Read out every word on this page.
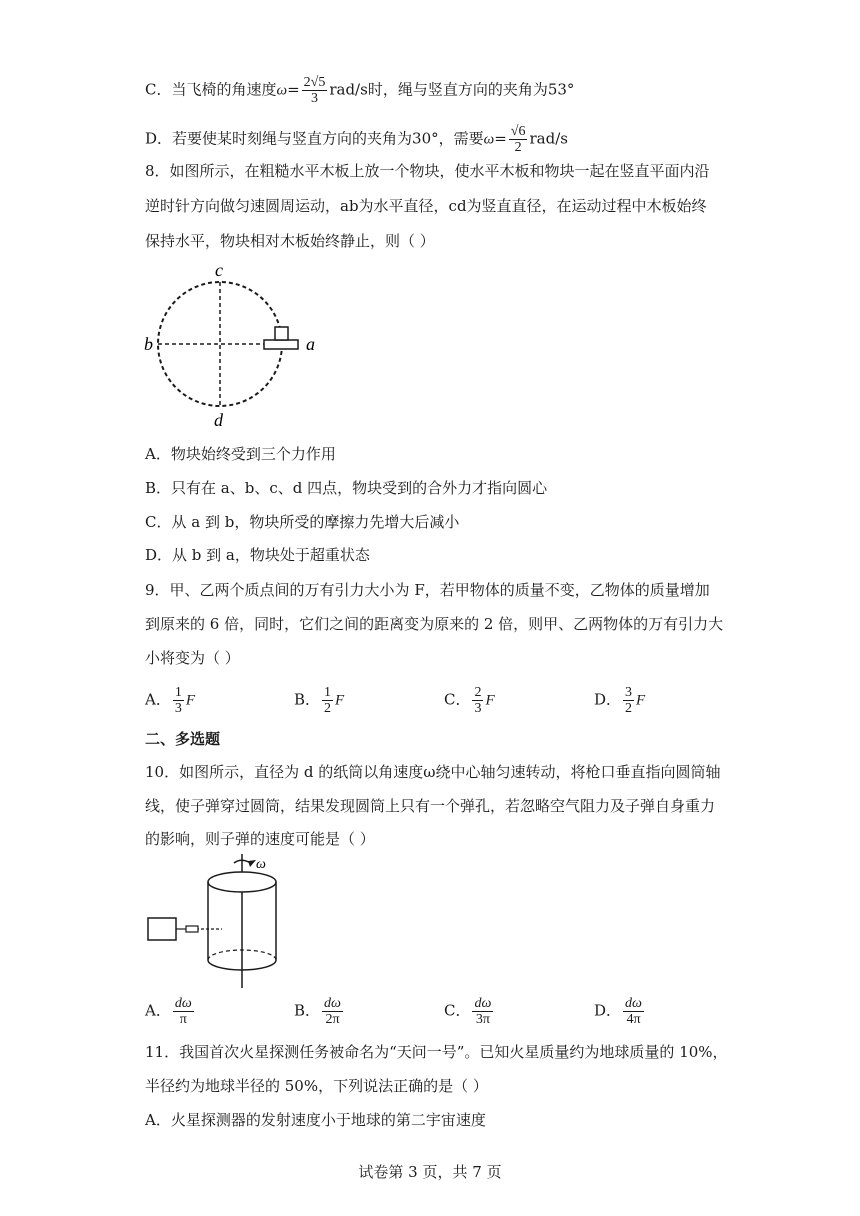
C．当飞椅的角速度$\omega= \frac{2√5}{3} rad/s$时，绳与竖直方向的夹角为53°
D．若要使某时刻绳与竖直方向的夹角为30°，需要$\omega= \frac{√6}{2} rad/s$
8．如图所示，在粗糙水平木板上放一个物块，使水平木板和物块一起在竖直平面内沿
逆时针方向做匀速圆周运动，ab为水平直径，cd为竖直直径，在运动过程中木板始终
保持水平，物块相对木板始终静止，则（ ）
c
b	a
d
A．物块始终受到三个力作用
B．只有在 a、b、c、d 四点，物块受到的合外力才指向圆心
C．从 a 到 b，物块所受的摩擦力先增大后减小
D．从 b 到 a，物块处于超重状态
9．甲、乙两个质点间的万有引力大小为 F，若甲物体的质量不变，乙物体的质量增加
到原来的 6 倍，同时，它们之间的距离变为原来的 2 倍，则甲、乙两物体的万有引力大
小将变为（ ）
A． $\frac{1}{3}$ F	B． $\frac{1}{2}$ F	C． $\frac{2}{3}$ F	D． $\frac{3}{2}$ F
二、多选题
10．如图所示，直径为 d 的纸筒以角速度ω绕中心轴匀速转动，将枪口垂直指向圆筒轴
线，使子弹穿过圆筒，结果发现圆筒上只有一个弹孔，若忽略空气阻力及子弹自身重力
的影响，则子弹的速度可能是（ ）
ω
A． $\frac{d\omega}{\pi}$	B． $\frac{d\omega}{2\pi}$	C． $\frac{d\omega}{3\pi}$	D． $\frac{d\omega}{4\pi}$
11．我国首次火星探测任务被命名为“天问一号”。已知火星质量约为地球质量的 10%，
半径约为地球半径的 50%，下列说法正确的是（ ）
A．火星探测器的发射速度小于地球的第二宇宙速度
试卷第 3 页，共 7 页
